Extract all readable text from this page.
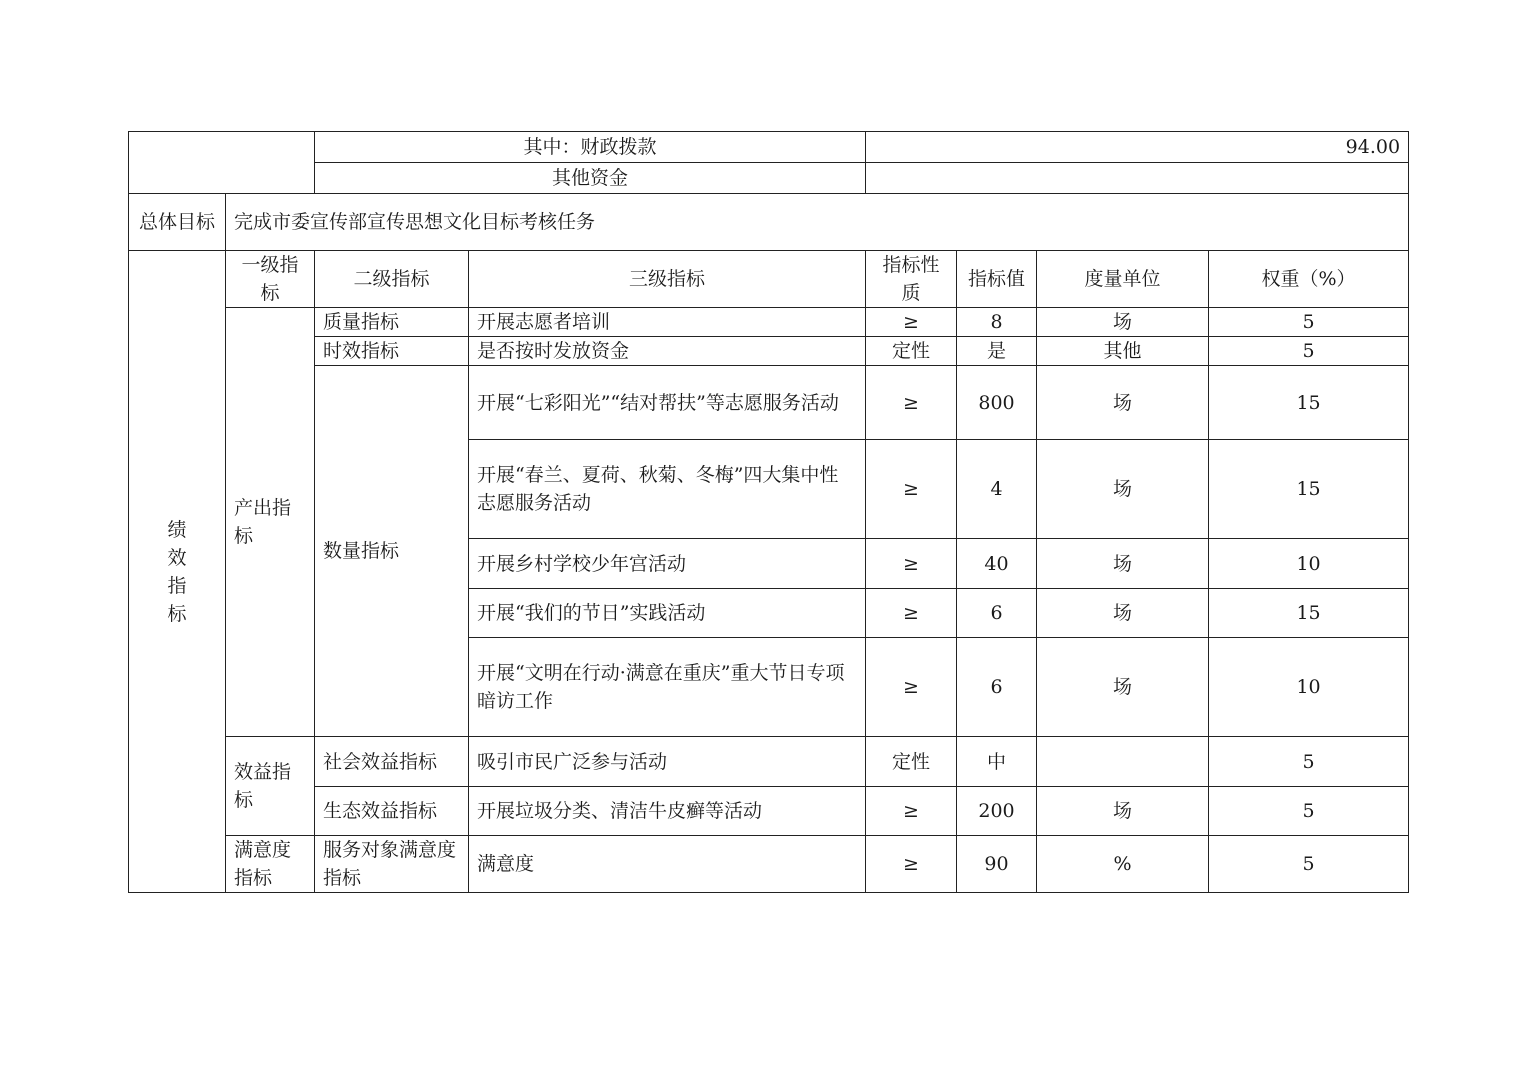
		其中：财政拨款		94.00			
		其他资金					
总体目标	完成市委宣传部宣传思想文化目标考核任务						

绩
效
指
标	一级指标	二级指标	三级指标	指标性质	指标值	度量单位	权重（%）
	产出指标	质量指标	开展志愿者培训	≥	8	场	5
		时效指标	是否按时发放资金	定性	是	其他	5
		数量指标	开展“七彩阳光”“结对帮扶”等志愿服务活动	≥	800	场	15
			开展“春兰、夏荷、秋菊、冬梅”四大集中性志愿服务活动	≥	4	场	15
			开展乡村学校少年宫活动	≥	40	场	10
			开展“我们的节日”实践活动	≥	6	场	15
			开展“文明在行动·满意在重庆”重大节日专项暗访工作	≥	6	场	10
	效益指标	社会效益指标	吸引市民广泛参与活动	定性	中		5
		生态效益指标	开展垃圾分类、清洁牛皮癣等活动	≥	200	场	5
	满意度指标	服务对象满意度指标	满意度	≥	90	%	5
